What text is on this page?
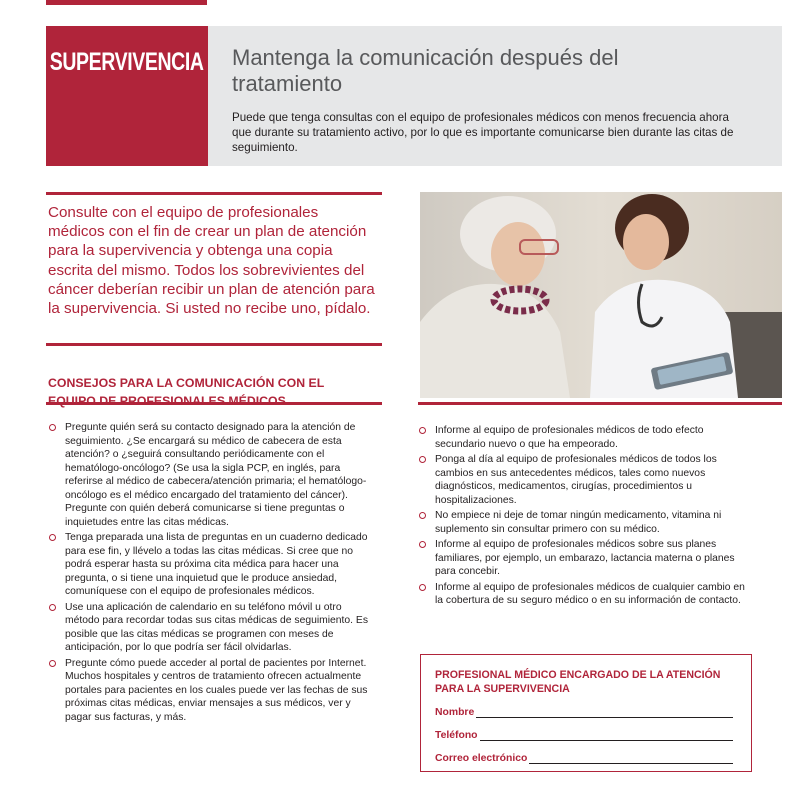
SUPERVIVENCIA Mantenga la comunicación después del tratamiento
Puede que tenga consultas con el equipo de profesionales médicos con menos frecuencia ahora que durante su tratamiento activo, por lo que es importante comunicarse bien durante las citas de seguimiento.
Consulte con el equipo de profesionales médicos con el fin de crear un plan de atención para la supervivencia y obtenga una copia escrita del mismo. Todos los sobrevivientes del cáncer deberían recibir un plan de atención para la supervivencia. Si usted no recibe uno, pídalo.
CONSEJOS PARA LA COMUNICACIÓN CON EL EQUIPO DE PROFESIONALES MÉDICOS
Pregunte quién será su contacto designado para la atención de seguimiento. ¿Se encargará su médico de cabecera de esta atención? o ¿seguirá consultando periódicamente con el hematólogo-oncólogo? (Se usa la sigla PCP, en inglés, para referirse al médico de cabecera/atención primaria; el hematólogo-oncólogo es el médico encargado del tratamiento del cáncer). Pregunte con quién deberá comunicarse si tiene preguntas o inquietudes entre las citas médicas.
Tenga preparada una lista de preguntas en un cuaderno dedicado para ese fin, y llévelo a todas las citas médicas. Si cree que no podrá esperar hasta su próxima cita médica para hacer una pregunta, o si tiene una inquietud que le produce ansiedad, comuníquese con el equipo de profesionales médicos.
Use una aplicación de calendario en su teléfono móvil u otro método para recordar todas sus citas médicas de seguimiento. Es posible que las citas médicas se programen con meses de anticipación, por lo que podría ser fácil olvidarlas.
Pregunte cómo puede acceder al portal de pacientes por Internet. Muchos hospitales y centros de tratamiento ofrecen actualmente portales para pacientes en los cuales puede ver las fechas de sus próximas citas médicas, enviar mensajes a sus médicos, ver y pagar sus facturas, y más.
Informe al equipo de profesionales médicos de todo efecto secundario nuevo o que ha empeorado.
Ponga al día al equipo de profesionales médicos de todos los cambios en sus antecedentes médicos, tales como nuevos diagnósticos, medicamentos, cirugías, procedimientos u hospitalizaciones.
No empiece ni deje de tomar ningún medicamento, vitamina ni suplemento sin consultar primero con su médico.
Informe al equipo de profesionales médicos sobre sus planes familiares, por ejemplo, un embarazo, lactancia materna o planes para concebir.
Informe al equipo de profesionales médicos de cualquier cambio en la cobertura de su seguro médico o en su información de contacto.
PROFESIONAL MÉDICO ENCARGADO DE LA ATENCIÓN PARA LA SUPERVIVENCIA
Nombre
Teléfono
Correo electrónico
